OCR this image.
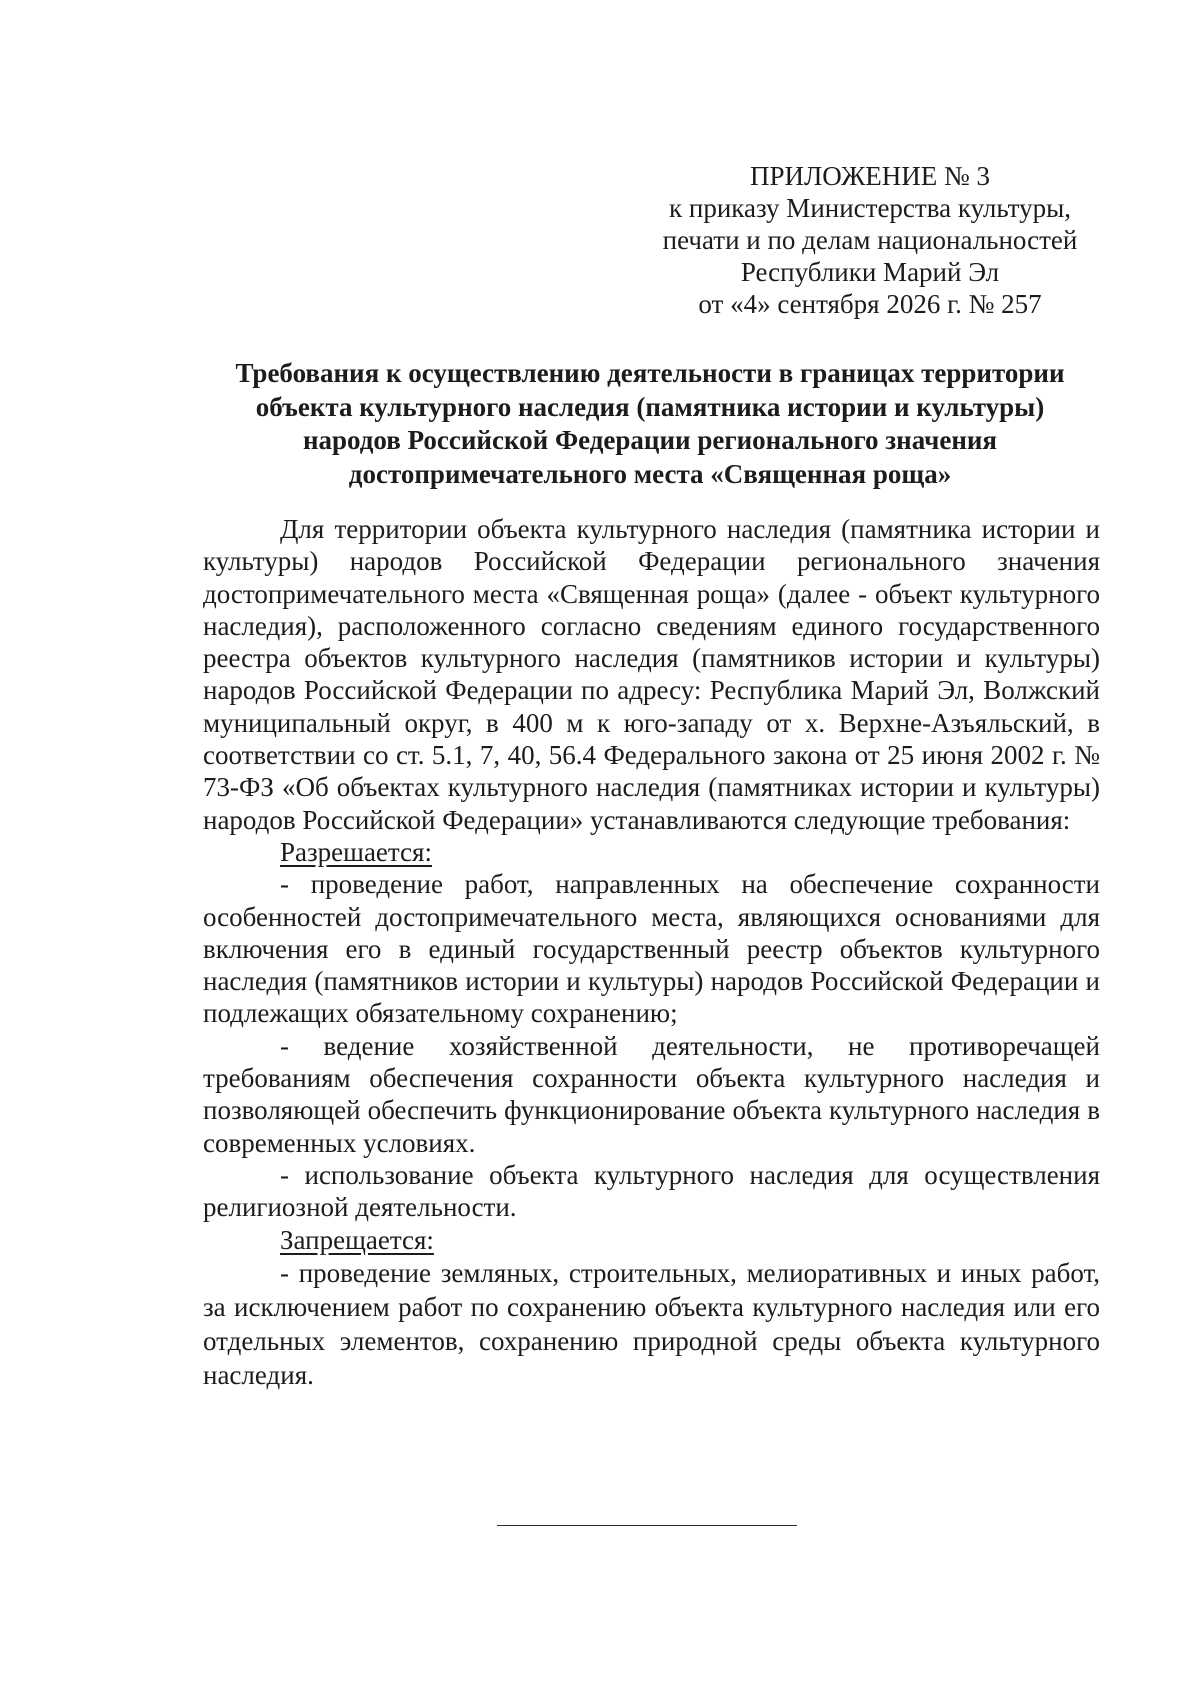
ПРИЛОЖЕНИЕ № 3
к приказу Министерства культуры,
печати и по делам национальностей
Республики Марий Эл
от «4» сентября 2026 г. № 257
Требования к осуществлению деятельности в границах территории
объекта культурного наследия (памятника истории и культуры)
народов Российской Федерации регионального значения
достопримечательного места «Священная роща»

Для территории объекта культурного наследия (памятника истории и культуры) народов Российской Федерации регионального значения достопримечательного места «Священная роща» (далее - объект культурного наследия), расположенного согласно сведениям единого государственного реестра объектов культурного наследия (памятников истории и культуры) народов Российской Федерации по адресу: Республика Марий Эл, Волжский муниципальный округ, в 400 м к юго-западу от х. Верхне-Азъяльский, в соответствии со ст. 5.1, 7, 40, 56.4 Федерального закона от 25 июня 2002 г. № 73-ФЗ «Об объектах культурного наследия (памятниках истории и культуры) народов Российской Федерации» устанавливаются следующие требования:

Разрешается:

- проведение работ, направленных на обеспечение сохранности особенностей достопримечательного места, являющихся основаниями для включения его в единый государственный реестр объектов культурного наследия (памятников истории и культуры) народов Российской Федерации и подлежащих обязательному сохранению;

- ведение хозяйственной деятельности, не противоречащей требованиям обеспечения сохранности объекта культурного наследия и позволяющей обеспечить функционирование объекта культурного наследия в современных условиях.

- использование объекта культурного наследия для осуществления религиозной деятельности.

Запрещается:

- проведение земляных, строительных, мелиоративных и иных работ, за исключением работ по сохранению объекта культурного наследия или его отдельных элементов, сохранению природной среды объекта культурного наследия.
